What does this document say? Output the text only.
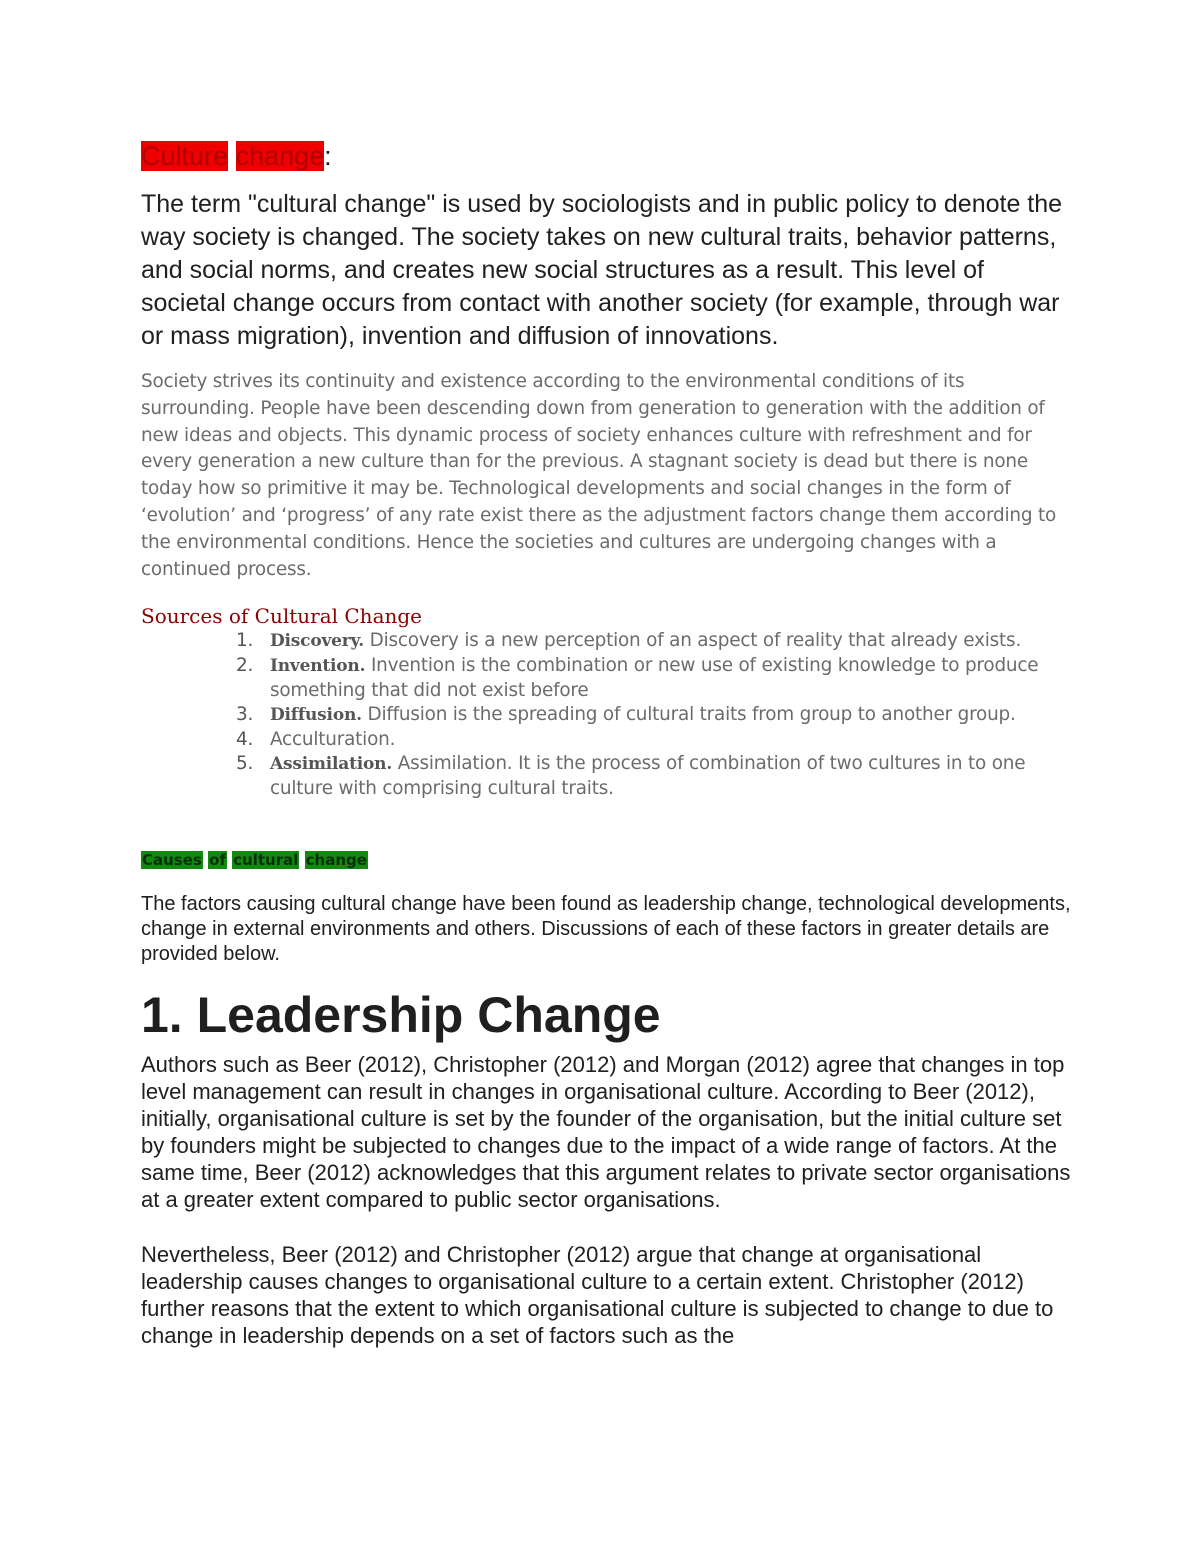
Culture change:

The term "cultural change" is used by sociologists and in public policy to denote the way society is changed. The society takes on new cultural traits, behavior patterns, and social norms, and creates new social structures as a result. This level of societal change occurs from contact with another society (for example, through war or mass migration), invention and diffusion of innovations.

Society strives its continuity and existence according to the environmental conditions of its surrounding. People have been descending down from generation to generation with the addition of new ideas and objects. This dynamic process of society enhances culture with refreshment and for every generation a new culture than for the previous. A stagnant society is dead but there is none today how so primitive it may be. Technological developments and social changes in the form of ‘evolution’ and ‘progress’ of any rate exist there as the adjustment factors change them according to the environmental conditions. Hence the societies and cultures are undergoing changes with a continued process.

Sources of Cultural Change

1. Discovery. Discovery is a new perception of an aspect of reality that already exists.
2. Invention. Invention is the combination or new use of existing knowledge to produce something that did not exist before
3. Diffusion. Diffusion is the spreading of cultural traits from group to another group.
4. Acculturation.
5. Assimilation. Assimilation. It is the process of combination of two cultures in to one culture with comprising cultural traits.

Causes of cultural change

The factors causing cultural change have been found as leadership change, technological developments, change in external environments and others. Discussions of each of these factors in greater details are provided below.

1. Leadership Change

Authors such as Beer (2012), Christopher (2012) and Morgan (2012) agree that changes in top level management can result in changes in organisational culture. According to Beer (2012), initially, organisational culture is set by the founder of the organisation, but the initial culture set by founders might be subjected to changes due to the impact of a wide range of factors. At the same time, Beer (2012) acknowledges that this argument relates to private sector organisations at a greater extent compared to public sector organisations.

Nevertheless, Beer (2012) and Christopher (2012) argue that change at organisational leadership causes changes to organisational culture to a certain extent. Christopher (2012) further reasons that the extent to which organisational culture is subjected to change to due to change in leadership depends on a set of factors such as the
